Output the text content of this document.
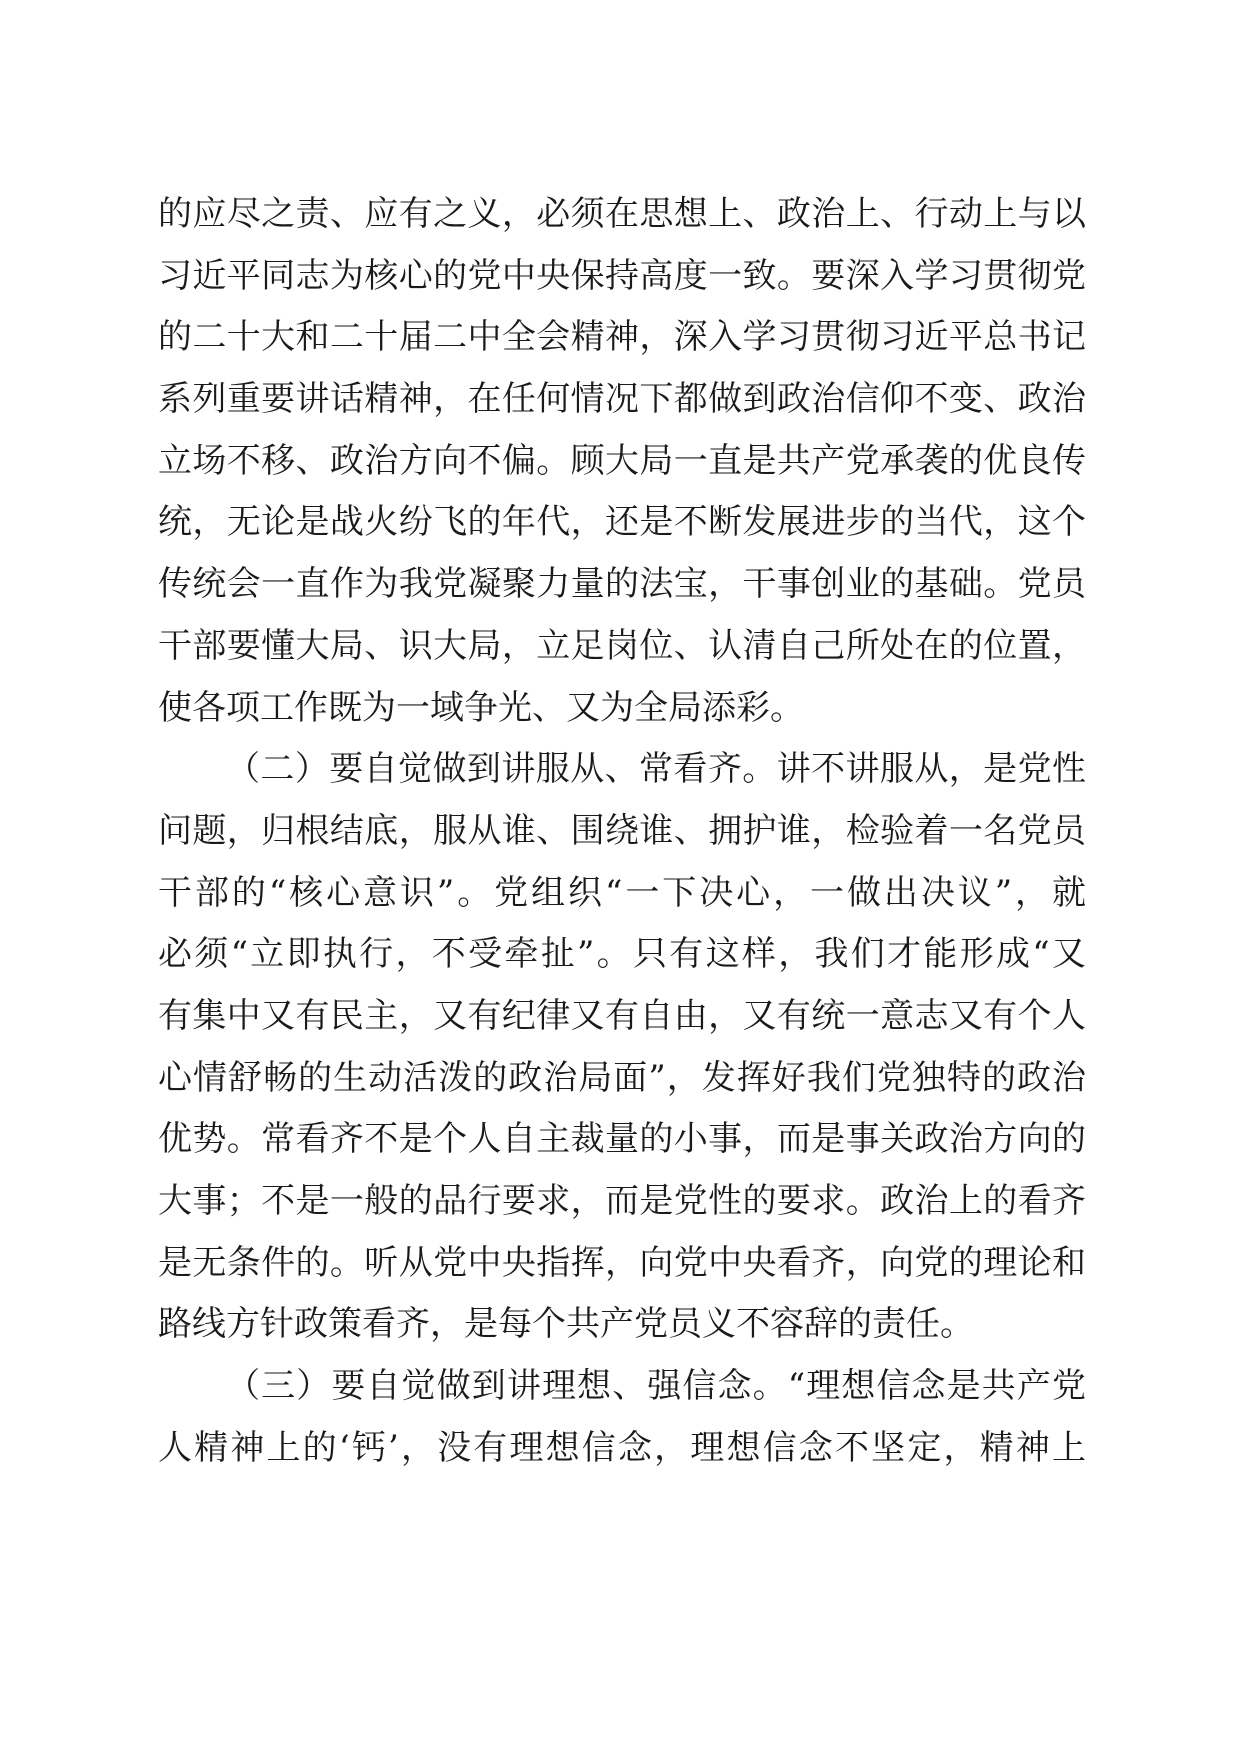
的应尽之责、应有之义，必须在思想上、政治上、行动上与以
习近平同志为核心的党中央保持高度一致。要深入学习贯彻党
的二十大和二十届二中全会精神，深入学习贯彻习近平总书记
系列重要讲话精神，在任何情况下都做到政治信仰不变、政治
立场不移、政治方向不偏。顾大局一直是共产党承袭的优良传
统，无论是战火纷飞的年代，还是不断发展进步的当代，这个
传统会一直作为我党凝聚力量的法宝，干事创业的基础。党员
干部要懂大局、识大局，立足岗位、认清自己所处在的位置，
使各项工作既为一域争光、又为全局添彩。
（二）要自觉做到讲服从、常看齐。讲不讲服从，是党性
问题，归根结底，服从谁、围绕谁、拥护谁，检验着一名党员
干部的“核心意识”。党组织“一下决心，一做出决议”，就
必须“立即执行，不受牵扯”。只有这样，我们才能形成“又
有集中又有民主，又有纪律又有自由，又有统一意志又有个人
心情舒畅的生动活泼的政治局面”，发挥好我们党独特的政治
优势。常看齐不是个人自主裁量的小事，而是事关政治方向的
大事；不是一般的品行要求，而是党性的要求。政治上的看齐
是无条件的。听从党中央指挥，向党中央看齐，向党的理论和
路线方针政策看齐，是每个共产党员义不容辞的责任。
（三）要自觉做到讲理想、强信念。“理想信念是共产党
人精神上的‘钙’，没有理想信念，理想信念不坚定，精神上
